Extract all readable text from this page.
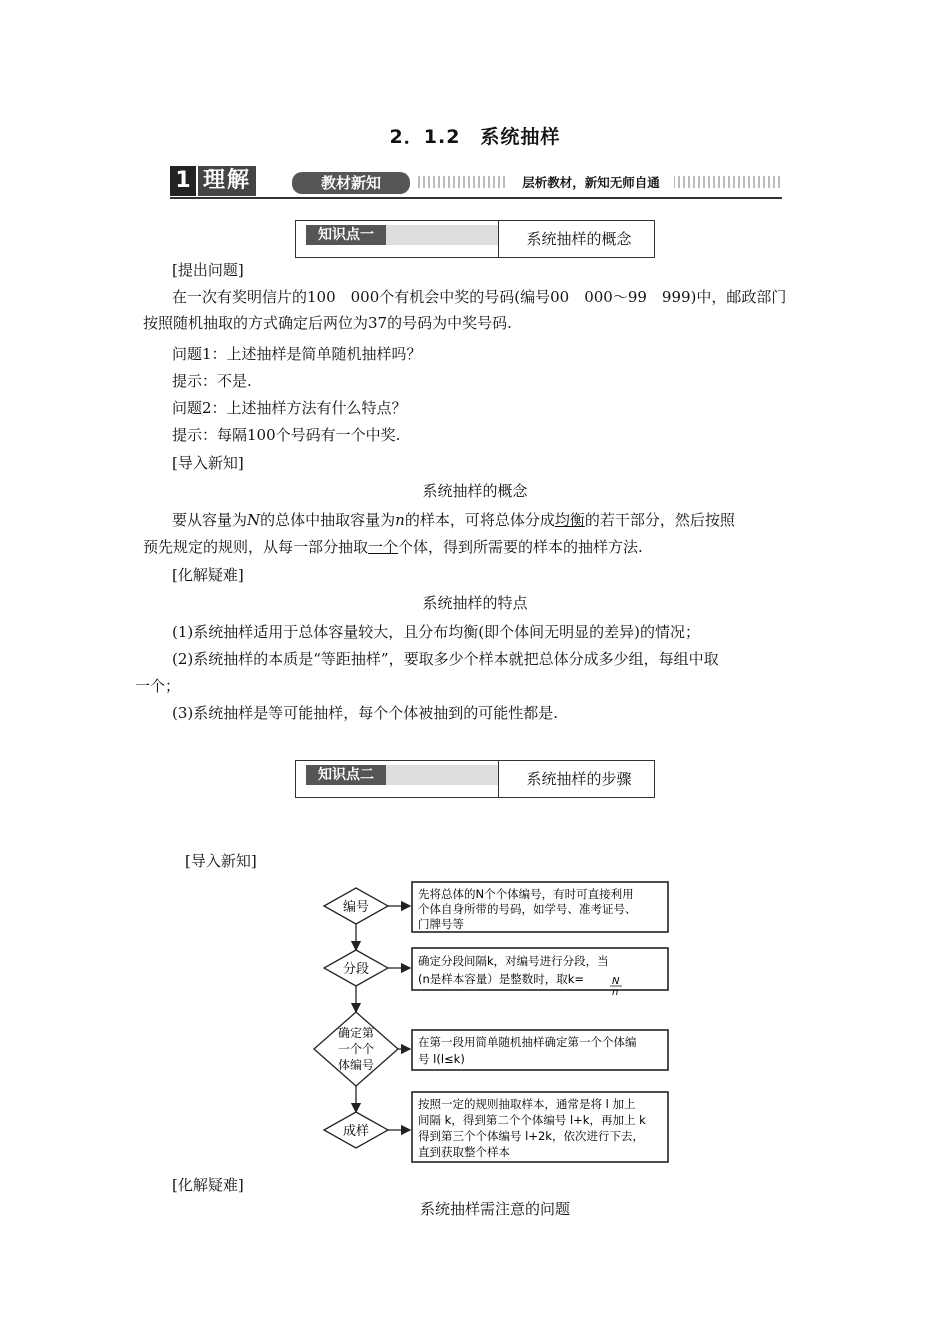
2．1.2　系统抽样
1 理解	教材新知	层析教材，新知无师自通
知识点一	系统抽样的概念
[提出问题]
在一次有奖明信片的100　000个有机会中奖的号码(编号00　000～99　999)中，邮政部门
按照随机抽取的方式确定后两位为37的号码为中奖号码.
问题1：上述抽样是简单随机抽样吗？
提示：不是.
问题2：上述抽样方法有什么特点？
提示：每隔100个号码有一个中奖.
[导入新知]
系统抽样的概念
要从容量为N的总体中抽取容量为n的样本，可将总体分成均衡的若干部分，然后按照
预先规定的规则，从每一部分抽取一个个体，得到所需要的样本的抽样方法.
[化解疑难]
系统抽样的特点
(1)系统抽样适用于总体容量较大，且分布均衡(即个体间无明显的差异)的情况；
(2)系统抽样的本质是“等距抽样”，要取多少个样本就把总体分成多少组，每组中取
一个；
(3)系统抽样是等可能抽样，每个个体被抽到的可能性都是.
知识点二	系统抽样的步骤
[导入新知]
编号
先将总体的N个个体编号，有时可直接利用
个体自身所带的号码，如学号、准考证号、
门牌号等
分段
确定分段间隔k，对编号进行分段，当
(n是样本容量）是整数时，取k=	N
n
确定第
一个个
体编号
在第一段用简单随机抽样确定第一个个体编
号 l(l≤k)
成样
按照一定的规则抽取样本，通常是将 l 加上
间隔 k，得到第二个个体编号 l+k，再加上 k
得到第三个个体编号 l+2k，依次进行下去，
直到获取整个样本
[化解疑难]
系统抽样需注意的问题
